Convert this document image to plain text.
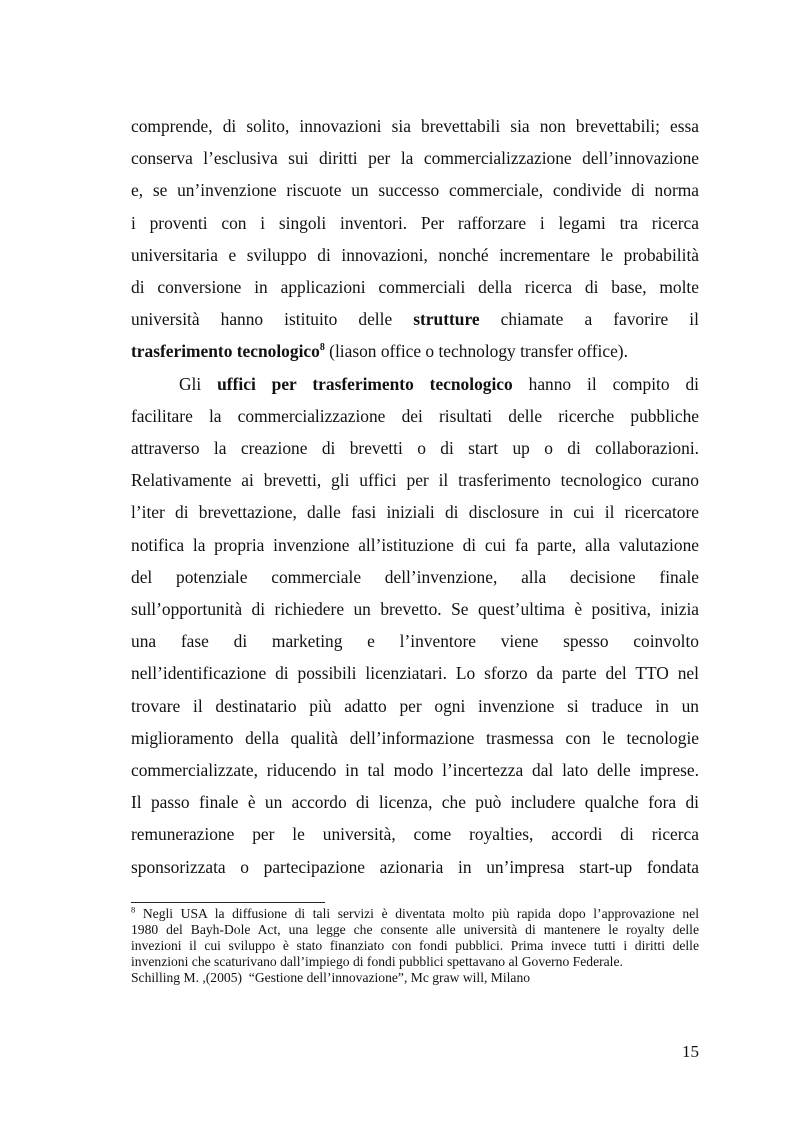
comprende, di solito, innovazioni sia brevettabili sia non brevettabili; essa
conserva l’esclusiva sui diritti per la commercializzazione dell’innovazione
e, se un’invenzione riscuote un successo commerciale, condivide di norma
i proventi con i singoli inventori. Per rafforzare i legami tra ricerca
universitaria e sviluppo di innovazioni, nonché incrementare le probabilità
di conversione in applicazioni commerciali della ricerca di base, molte
università hanno istituito delle strutture chiamate a favorire il
trasferimento tecnologico$^8$ (liason office o technology transfer office).
Gli uffici per trasferimento tecnologico hanno il compito di
facilitare la commercializzazione dei risultati delle ricerche pubbliche
attraverso la creazione di brevetti o di start up o di collaborazioni.
Relativamente ai brevetti, gli uffici per il trasferimento tecnologico curano
l’iter di brevettazione, dalle fasi iniziali di disclosure in cui il ricercatore
notifica la propria invenzione all’istituzione di cui fa parte, alla valutazione
del potenziale commerciale dell’invenzione, alla decisione finale
sull’opportunità di richiedere un brevetto. Se quest’ultima è positiva, inizia
una fase di marketing e l’inventore viene spesso coinvolto
nell’identificazione di possibili licenziatari. Lo sforzo da parte del TTO nel
trovare il destinatario più adatto per ogni invenzione si traduce in un
miglioramento della qualità dell’informazione trasmessa con le tecnologie
commercializzate, riducendo in tal modo l’incertezza dal lato delle imprese.
Il passo finale è un accordo di licenza, che può includere qualche fora di
remunerazione per le università, come royalties, accordi di ricerca
sponsorizzata o partecipazione azionaria in un’impresa start-up fondata
$^8$ Negli USA la diffusione di tali servizi è diventata molto più rapida dopo l’approvazione nel
1980 del Bayh-Dole Act, una legge che consente alle università di mantenere le royalty delle
invezioni il cui sviluppo è stato finanziato con fondi pubblici. Prima invece tutti i diritti delle
invenzioni che scaturivano dall’impiego di fondi pubblici spettavano al Governo Federale.
Schilling M. ,(2005)  “Gestione dell’innovazione”, Mc graw will, Milano
15
